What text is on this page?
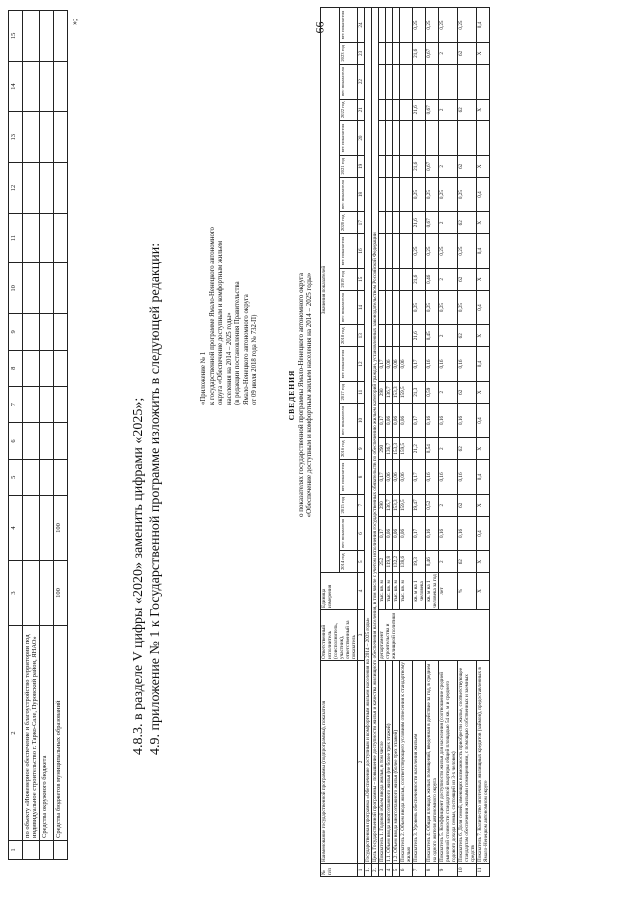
66
1	2	3	4	5	6	7	8	9	10	11	12	13	14	15
	по объекту «Инженерное обеспечение и благоустройство территории под индивидуальное строительство г. Тарко-Сале, Пуровский район, ЯНАО»													
	Средства окружного бюджета													
	Средства бюджетов муниципальных образований	100	100											
»;
4.8.3. в разделе V цифры «2020» заменить цифрами «2025»; 4.9. приложение № 1 к Государственной программе изложить в следующей редакции:	«Приложение № 1 к государственной программе Ямало-Ненецкого автономного округа «Обеспечение доступным и комфортным жильем населения на 2014 – 2025 годы» (в редакции постановления Правительства Ямало-Ненецкого автономного округа от 09 июля 2018 года № 732-П)	СВЕДЕНИЯ о показателях государственной программы Ямало-Ненецкого автономного округа «Обеспечение доступным и комфортным жильем населения на 2014 – 2025 годы»
№ п/п	Наименование государственной программы (подпрограммы), показателя	Ответственный исполнитель (соисполнитель, участник), ответственный за показатель	Единица измерения	Значения показателей																			
				2014 год	вес показателя	2015 год	вес показателя	2016 год	вес показателя	2017 год	вес показателя	2018 год	вес показателя	2019 год	вес показателя	2020 год	вес показателя	2021 год	вес показателя	2022 год	вес показателя	2023 год	вес показателя
1	2	3	4	5	6	7	8	9	10	11	12	13	14	15	16	17	18	19	20	21	22	23	24
1.	Государственная программа «Обеспечение доступным и комфортным жильем населения на 2014 – 2025 годы»																						
2.	Цель Государственной программы – повышение доступности жилья и качества жилищного обеспечения населения, в том числе с учетом исполнения государственных обязательств по обеспечению жильем категорий граждан, установленных законодательством Российской Федерации																						
3	Показатель 1. Годовой объем ввода жилья, в том числе	департамент строительства и жилищной политики	тыс. кв. м	252	0,17	290	0,17	290	0,17	290	0,17												
4	1.1. Объем ввода многоэтажного жилья (не более трех этажей)		тыс. кв. м	119,8	0,06	136,7	0,06	136,7	0,06	136,7	0,06												
5	1.2. Объем ввода многоэтажного жилья (более трех этажей)		тыс. кв. м	132,2	0,06	153,3	0,06	153,3	0,06	153,3	0,06												
6	Показатель 2. Объем ввода жилья, соответствующего условиям отнесения к стандартному жилью		тыс. кв. м	138,6	0,06	159,5	0,06	159,5	0,06	159,5	0,06												
7	Показатель 3. Уровень обеспеченности населения жильем		кв. м на 1 человека	19,3	0,17	19,47	0,17	21,2	0,17	21,3	0,17	21,6	0,25	21,6	0,25	21,6	0,25	21,6		21,6		21,6	0,25
8	Показатель 4. Общая площадь жилых помещений, введенная в действие за год, в среднем на одного жителя автономного округа		кв. м на 1 человека за год	0,46	0,16	0,52	0,16	0,54	0,16	0,59	0,16	0,45	0,25	0,46	0,25	0,67	0,25	0,67		0,67		0,67	0,25
9	Показатель 5. Коэффициент доступности жилья для населения (соотношение средней рыночной стоимости стандартной квартиры общей площадью 54 кв. м и среднего годового дохода семьи, состоящей из 3-х человек)		лет	2	0,16	2	0,16	2	0,16	2	0,16	2	0,25	2	0,25	2	0,25	2		2		2	0,25
10	Показатель 6. Доля семей, имеющих возможность приобрести жилье, соответствующее стандартам обеспечения жилыми помещениями, с помощью собственных и заемных средств		%	62	0,16	62	0,16	62	0,16	62	0,16	62	0,25	62	0,25	62	0,25	62		62		62	0,25
11	Показатель 7. Количество ипотечных жилищных кредитов (займов), предоставленных в Ямало-Ненецком автономном округе		X	X	0,4	X	0,4	X	0,4	X	0,4	X	0,4	X	0,4	X	0,4	X		X		X	0,4
